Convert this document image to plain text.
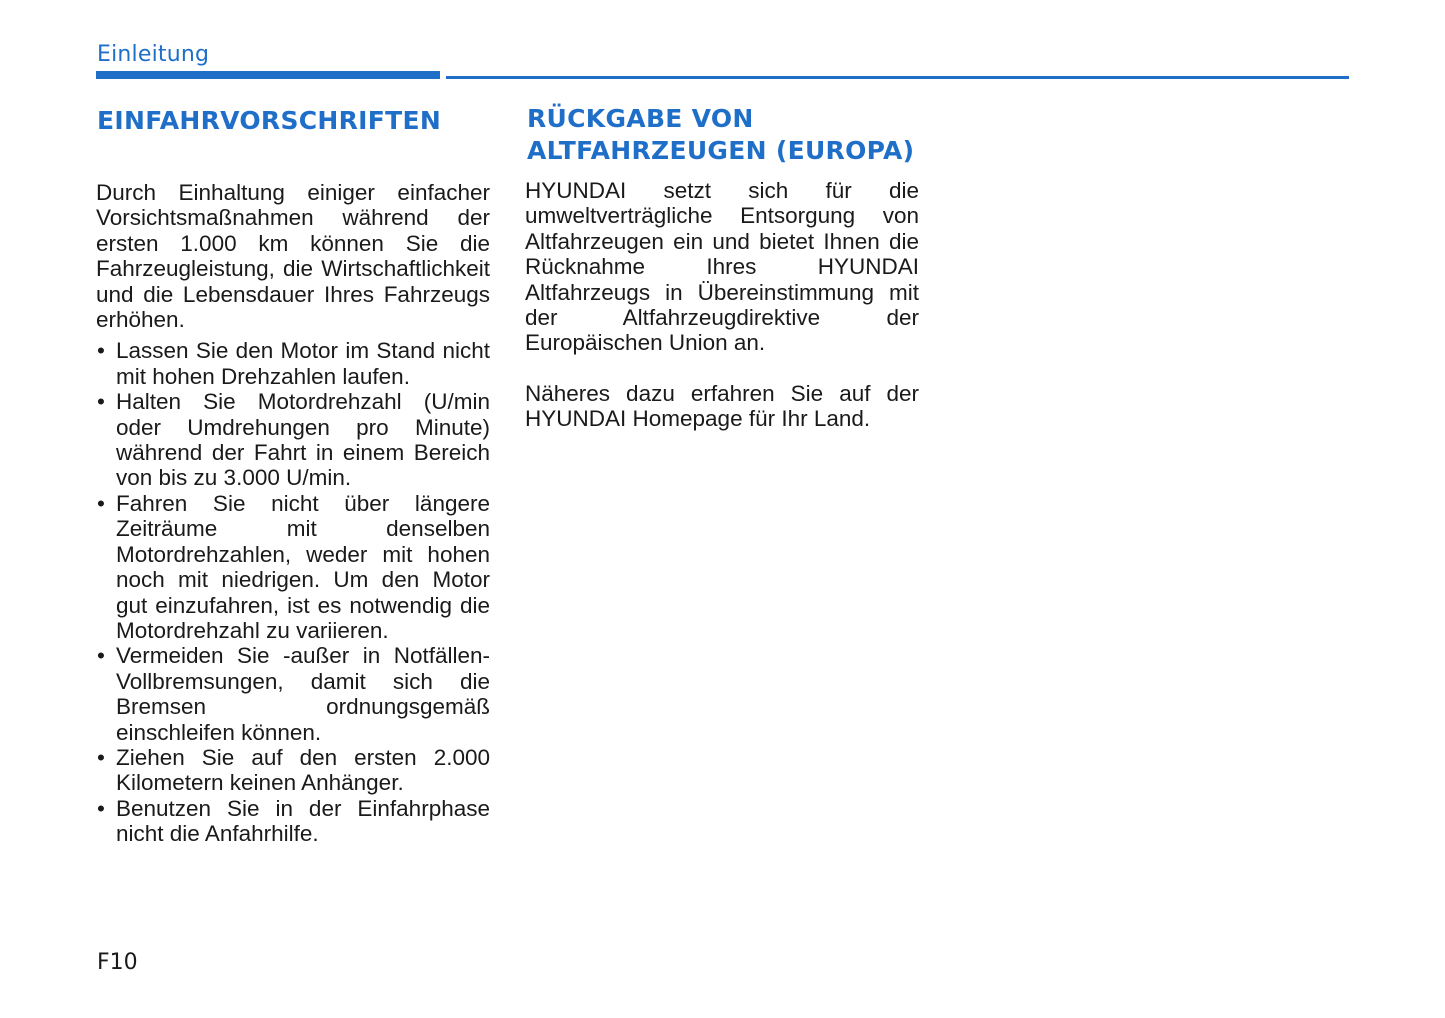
Einleitung
EINFAHRVORSCHRIFTEN

Durch Einhaltung einiger einfacher Vorsichtsmaßnahmen während der ersten 1.000 km können Sie die Fahrzeugleistung, die Wirtschaftlichkeit und die Lebensdauer Ihres Fahrzeugs erhöhen.

• Lassen Sie den Motor im Stand nicht mit hohen Drehzahlen laufen.
• Halten Sie Motordrehzahl (U/min oder Umdrehungen pro Minute) während der Fahrt in einem Bereich von bis zu 3.000 U/min.
• Fahren Sie nicht über längere Zeiträume mit denselben Motordrehzahlen, weder mit hohen noch mit niedrigen. Um den Motor gut einzufahren, ist es notwendig die Motordrehzahl zu variieren.
• Vermeiden Sie -außer in Notfällen- Vollbremsungen, damit sich die Bremsen ordnungsgemäß einschleifen können.
• Ziehen Sie auf den ersten 2.000 Kilometern keinen Anhänger.
• Benutzen Sie in der Einfahrphase nicht die Anfahrhilfe.
RÜCKGABE VON
ALTFAHRZEUGEN (EUROPA)

HYUNDAI setzt sich für die umweltverträgliche Entsorgung von Altfahrzeugen ein und bietet Ihnen die Rücknahme Ihres HYUNDAI Altfahrzeugs in Übereinstimmung mit der Altfahrzeugdirektive der Europäischen Union an.

Näheres dazu erfahren Sie auf der HYUNDAI Homepage für Ihr Land.

F10
